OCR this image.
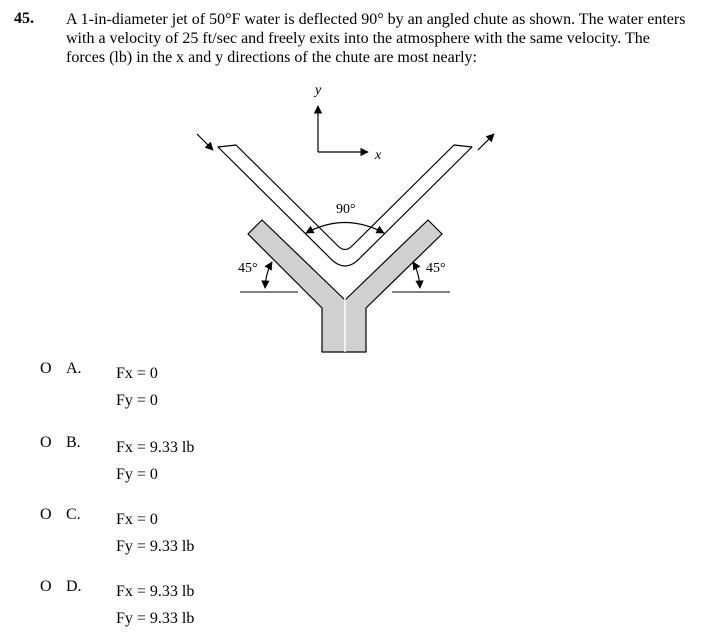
45. A 1-in-diameter jet of 50°F water is deflected 90° by an angled chute as shown. The water enters
with a velocity of 25 ft/sec and freely exits into the atmosphere with the same velocity. The
forces (lb) in the x and y directions of the chute are most nearly:
y
x
90°
45°	45°
O A. Fx = 0
Fy = 0
O B. Fx = 9.33 lb
Fy = 0
O C. Fx = 0
Fy = 9.33 lb
O D. Fx = 9.33 lb
Fy = 9.33 lb
